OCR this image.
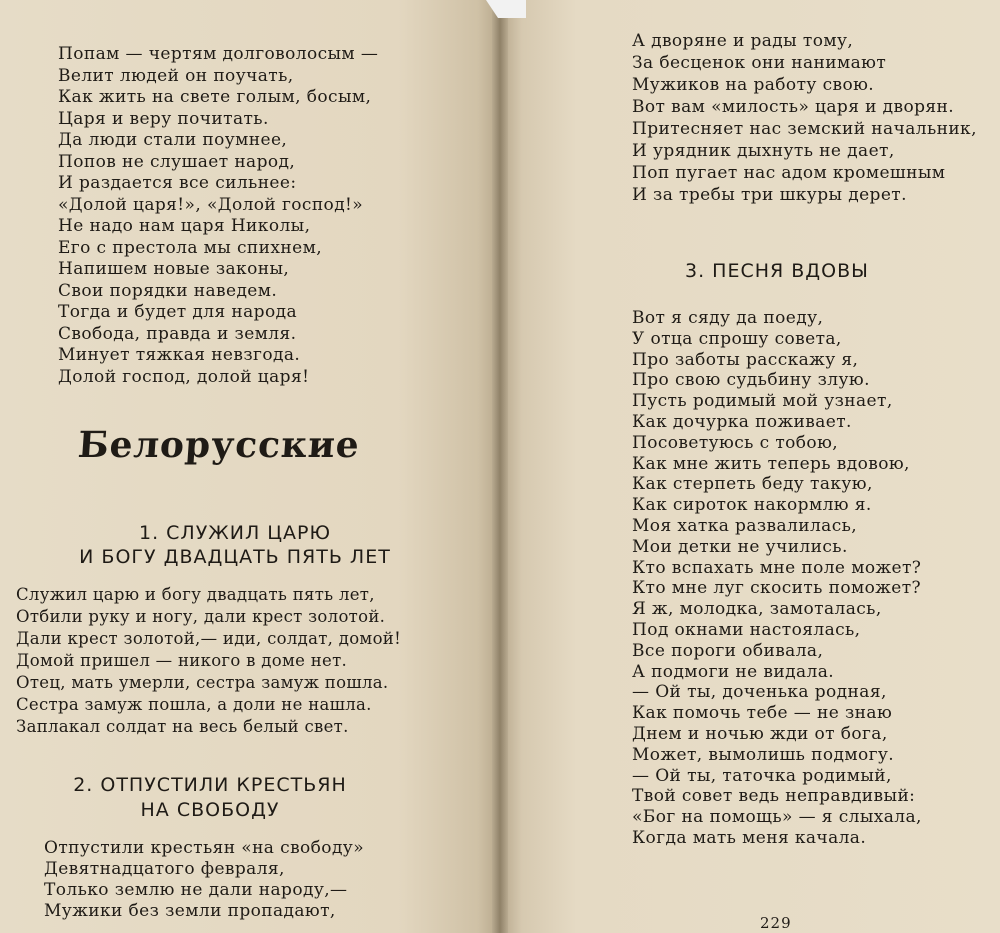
Попам — чертям долговолосым —
Велит людей он поучать,
Как жить на свете голым, босым,
Царя и веру почитать.
Да люди стали поумнее,
Попов не слушает народ,
И раздается все сильнее:
«Долой царя!», «Долой господ!»
Не надо нам царя Николы,
Его с престола мы спихнем,
Напишем новые законы,
Свои порядки наведем.
Тогда и будет для народа
Свобода, правда и земля.
Минует тяжкая невзгода.
Долой господ, долой царя!
Белорусские
1. СЛУЖИЛ ЦАРЮ
И БОГУ ДВАДЦАТЬ ПЯТЬ ЛЕТ
Служил царю и богу двадцать пять лет,
Отбили руку и ногу, дали крест золотой.
Дали крест золотой,— иди, солдат, домой!
Домой пришел — никого в доме нет.
Отец, мать умерли, сестра замуж пошла.
Сестра замуж пошла, а доли не нашла.
Заплакал солдат на весь белый свет.
2. ОТПУСТИЛИ КРЕСТЬЯН
НА СВОБОДУ
Отпустили крестьян «на свободу»
Девятнадцатого февраля,
Только землю не дали народу,—
Мужики без земли пропадают,
А дворяне и рады тому,
За бесценок они нанимают
Мужиков на работу свою.
Вот вам «милость» царя и дворян.
Притесняет нас земский начальник,
И урядник дыхнуть не дает,
Поп пугает нас адом кромешным
И за требы три шкуры дерет.
3. ПЕСНЯ ВДОВЫ
Вот я сяду да поеду,
У отца спрошу совета,
Про заботы расскажу я,
Про свою судьбину злую.
Пусть родимый мой узнает,
Как дочурка поживает.
Посоветуюсь с тобою,
Как мне жить теперь вдовою,
Как стерпеть беду такую,
Как сироток накормлю я.
Моя хатка развалилась,
Мои детки не учились.
Кто вспахать мне поле может?
Кто мне луг скосить поможет?
Я ж, молодка, замоталась,
Под окнами настоялась,
Все пороги обивала,
А подмоги не видала.
— Ой ты, доченька родная,
Как помочь тебе — не знаю
Днем и ночью жди от бога,
Может, вымолишь подмогу.
— Ой ты, таточка родимый,
Твой совет ведь неправдивый:
«Бог на помощь» — я слыхала,
Когда мать меня качала.
229
